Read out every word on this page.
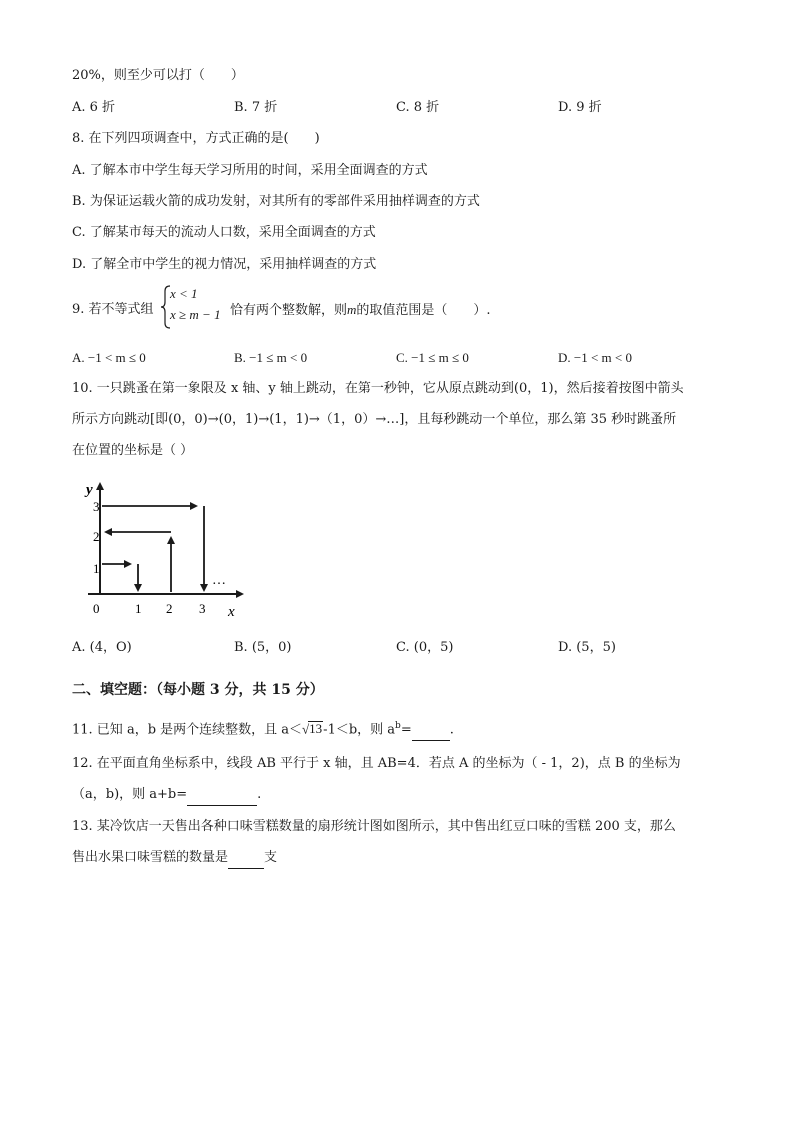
20%，则至少可以打（　　）
A. 6 折	B. 7 折	C. 8 折	D. 9 折
8. 在下列四项调查中，方式正确的是(　　)
A. 了解本市中学生每天学习所用的时间，采用全面调查的方式
B. 为保证运载火箭的成功发射，对其所有的零部件采用抽样调查的方式
C. 了解某市每天的流动人口数，采用全面调查的方式
D. 了解全市中学生的视力情况，采用抽样调查的方式
9. 若不等式组
x < 1
x ≥ m − 1 恰有两个整数解，则m的取值范围是（　　）.
A. −1 < m ≤ 0	B. −1 ≤ m < 0	C. −1 ≤ m ≤ 0	D. −1 < m < 0
10. 一只跳蚤在第一象限及 x 轴、y 轴上跳动，在第一秒钟，它从原点跳动到(0，1)，然后接着按图中箭头
所示方向跳动[即(0，0)→(0，1)→(1，1)→（1，0）→…]，且每秒跳动一个单位，那么第 35 秒时跳蚤所
在位置的坐标是（ ）
y
x
0	1 2 3
1
2
3
…
A. (4，O)	B. (5，0)	C. (0，5)	D. (5，5)
二、填空题：（每小题 3 分，共 15 分）
11. 已知 a，b 是两个连续整数，且 a＜√13-1＜b，则 $a^b=$	.
12. 在平面直角坐标系中，线段 AB 平行于 x 轴，且 AB=4．若点 A 的坐标为（ - 1，2)，点 B 的坐标为
（a，b)，则 a+b=	.
13. 某冷饮店一天售出各种口味雪糕数量的扇形统计图如图所示，其中售出红豆口味的雪糕 200 支，那么
售出水果口味雪糕的数量是	支
